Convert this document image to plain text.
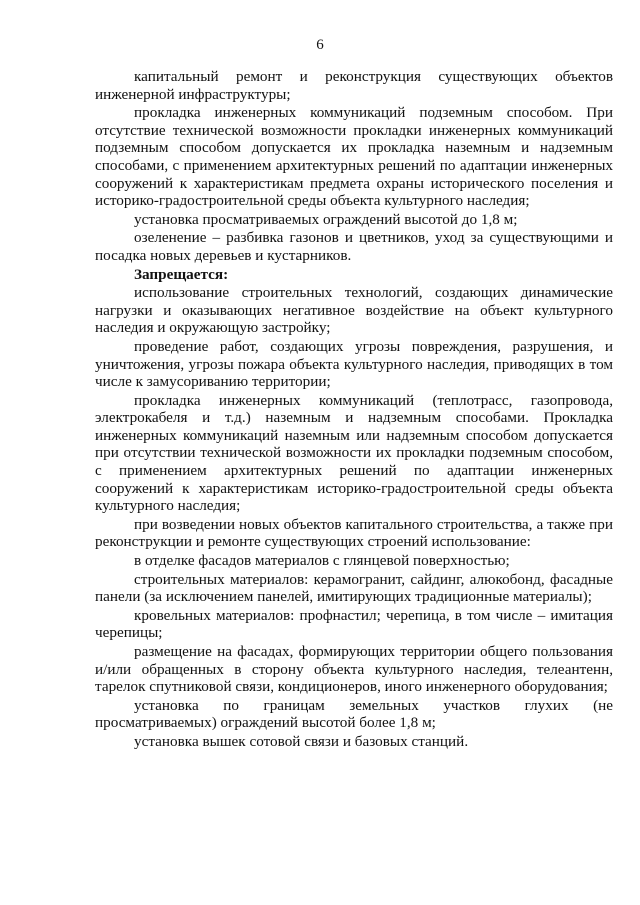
6

капитальный ремонт и реконструкция существующих объектов инженерной инфраструктуры;

прокладка инженерных коммуникаций подземным способом. При отсутствие технической возможности прокладки инженерных коммуникаций подземным способом допускается их прокладка наземным и надземным способами, с применением архитектурных решений по адаптации инженерных сооружений к характеристикам предмета охраны исторического поселения и историко-градостроительной среды объекта культурного наследия;

установка просматриваемых ограждений высотой до 1,8 м;

озеленение – разбивка газонов и цветников, уход за существующими и посадка новых деревьев и кустарников.

Запрещается:

использование строительных технологий, создающих динамические нагрузки и оказывающих негативное воздействие на объект культурного наследия и окружающую застройку;

проведение работ, создающих угрозы повреждения, разрушения, и уничтожения, угрозы пожара объекта культурного наследия, приводящих в том числе к замусориванию территории;

прокладка инженерных коммуникаций (теплотрасс, газопровода, электрокабеля и т.д.) наземным и надземным способами. Прокладка инженерных коммуникаций наземным или надземным способом допускается при отсутствии технической возможности их прокладки подземным способом, с применением архитектурных решений по адаптации инженерных сооружений к характеристикам историко-градостроительной среды объекта культурного наследия;

при возведении новых объектов капитального строительства, а также при реконструкции и ремонте существующих строений использование:

в отделке фасадов материалов с глянцевой поверхностью;

строительных материалов: керамогранит, сайдинг, алюкобонд, фасадные панели (за исключением панелей, имитирующих традиционные материалы);

кровельных материалов: профнастил; черепица, в том числе – имитация черепицы;

размещение на фасадах, формирующих территории общего пользования и/или обращенных в сторону объекта культурного наследия, телеантенн, тарелок спутниковой связи, кондиционеров, иного инженерного оборудования;

установка по границам земельных участков глухих (не просматриваемых) ограждений высотой более 1,8 м;

установка вышек сотовой связи и базовых станций.
